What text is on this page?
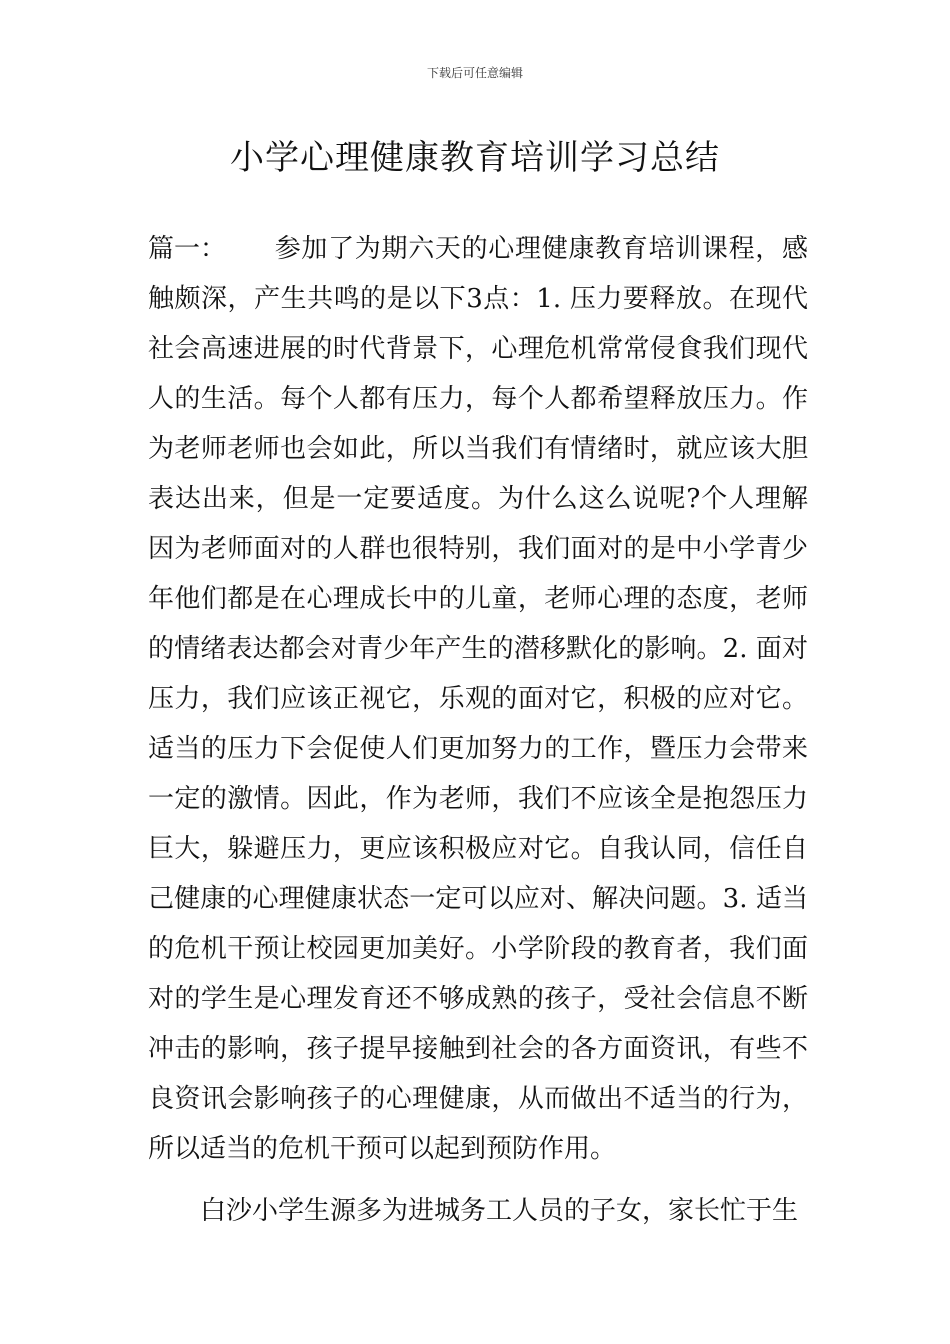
下载后可任意编辑
小学心理健康教育培训学习总结

篇一： 参加了为期六天的心理健康教育培训课程，感触颇深，产生共鸣的是以下3点：1. 压力要释放。在现代社会高速进展的时代背景下，心理危机常常侵食我们现代人的生活。每个人都有压力，每个人都希望释放压力。作为老师老师也会如此，所以当我们有情绪时，就应该大胆表达出来，但是一定要适度。为什么这么说呢?个人理解因为老师面对的人群也很特别，我们面对的是中小学青少年他们都是在心理成长中的儿童，老师心理的态度，老师的情绪表达都会对青少年产生的潜移默化的影响。2. 面对压力，我们应该正视它，乐观的面对它，积极的应对它。适当的压力下会促使人们更加努力的工作，暨压力会带来一定的激情。因此，作为老师，我们不应该全是抱怨压力巨大，躲避压力，更应该积极应对它。自我认同，信任自己健康的心理健康状态一定可以应对、解决问题。3. 适当的危机干预让校园更加美好。小学阶段的教育者，我们面对的学生是心理发育还不够成熟的孩子，受社会信息不断冲击的影响，孩子提早接触到社会的各方面资讯，有些不良资讯会影响孩子的心理健康，从而做出不适当的行为，所以适当的危机干预可以起到预防作用。

白沙小学生源多为进城务工人员的子女，家长忙于生
